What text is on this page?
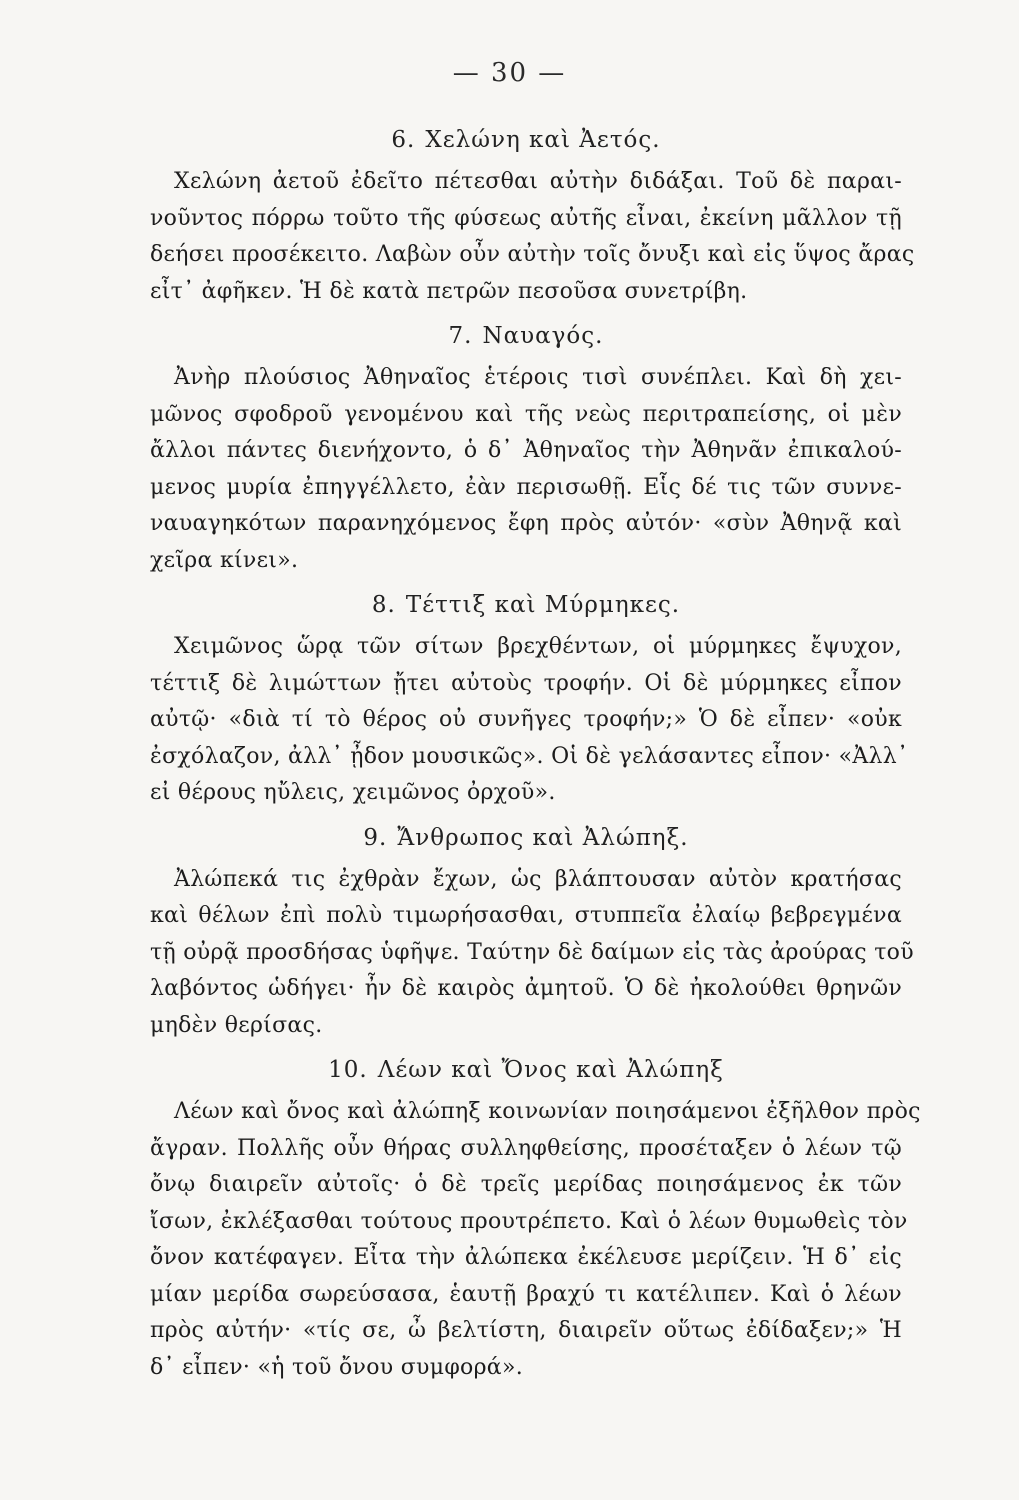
— 30 —
6. Χελώνη καὶ Ἀετός.
Χελώνη ἀετοῦ ἐδεῖτο πέτεσθαι αὐτὴν διδάξαι. Τοῦ δὲ παραι-
νοῦντος πόρρω τοῦτο τῆς φύσεως αὐτῆς εἶναι, ἐκείνη μᾶλλον τῇ
δεήσει προσέκειτο. Λαβὼν οὖν αὐτὴν τοῖς ὄνυξι καὶ εἰς ὕψος ἄρας
εἶτ᾽ ἀφῆκεν. Ἡ δὲ κατὰ πετρῶν πεσοῦσα συνετρίβη.
7. Ναυαγός.
Ἀνὴρ πλούσιος Ἀθηναῖος ἑτέροις τισὶ συνέπλει. Καὶ δὴ χει-
μῶνος σφοδροῦ γενομένου καὶ τῆς νεὼς περιτραπείσης, οἱ μὲν
ἄλλοι πάντες διενήχοντο, ὁ δ᾽ Ἀθηναῖος τὴν Ἀθηνᾶν ἐπικαλού-
μενος μυρία ἐπηγγέλλετο, ἐὰν περισωθῇ. Εἷς δέ τις τῶν συννε-
ναυαγηκότων παρανηχόμενος ἔφη πρὸς αὐτόν· «σὺν Ἀθηνᾷ καὶ
χεῖρα κίνει».
8. Τέττιξ καὶ Μύρμηκες.
Χειμῶνος ὥρᾳ τῶν σίτων βρεχθέντων, οἱ μύρμηκες ἔψυχον,
τέττιξ δὲ λιμώττων ᾔτει αὐτοὺς τροφήν. Οἱ δὲ μύρμηκες εἶπον
αὐτῷ· «διὰ τί τὸ θέρος οὐ συνῆγες τροφήν;» Ὁ δὲ εἶπεν· «οὐκ
ἐσχόλαζον, ἀλλ᾽ ᾖδον μουσικῶς». Οἱ δὲ γελάσαντες εἶπον· «Ἀλλ᾽
εἰ θέρους ηὔλεις, χειμῶνος ὀρχοῦ».
9. Ἄνθρωπος καὶ Ἀλώπηξ.
Ἀλώπεκά τις ἐχθρὰν ἔχων, ὡς βλάπτουσαν αὐτὸν κρατήσας
καὶ θέλων ἐπὶ πολὺ τιμωρήσασθαι, στυππεῖα ἐλαίῳ βεβρεγμένα
τῇ οὐρᾷ προσδήσας ὑφῆψε. Ταύτην δὲ δαίμων εἰς τὰς ἀρούρας τοῦ
λαβόντος ὡδήγει· ἦν δὲ καιρὸς ἀμητοῦ. Ὁ δὲ ἠκολούθει θρηνῶν
μηδὲν θερίσας.
10. Λέων καὶ Ὄνος καὶ Ἀλώπηξ
Λέων καὶ ὄνος καὶ ἀλώπηξ κοινωνίαν ποιησάμενοι ἐξῆλθον πρὸς
ἄγραν. Πολλῆς οὖν θήρας συλληφθείσης, προσέταξεν ὁ λέων τῷ
ὄνῳ διαιρεῖν αὐτοῖς· ὁ δὲ τρεῖς μερίδας ποιησάμενος ἐκ τῶν
ἴσων, ἐκλέξασθαι τούτους προυτρέπετο. Καὶ ὁ λέων θυμωθεὶς τὸν
ὄνον κατέφαγεν. Εἶτα τὴν ἀλώπεκα ἐκέλευσε μερίζειν. Ἡ δ᾽ εἰς
μίαν μερίδα σωρεύσασα, ἑαυτῇ βραχύ τι κατέλιπεν. Καὶ ὁ λέων
πρὸς αὐτήν· «τίς σε, ὦ βελτίστη, διαιρεῖν οὕτως ἐδίδαξεν;» Ἡ
δ᾽ εἶπεν· «ἡ τοῦ ὄνου συμφορά».
